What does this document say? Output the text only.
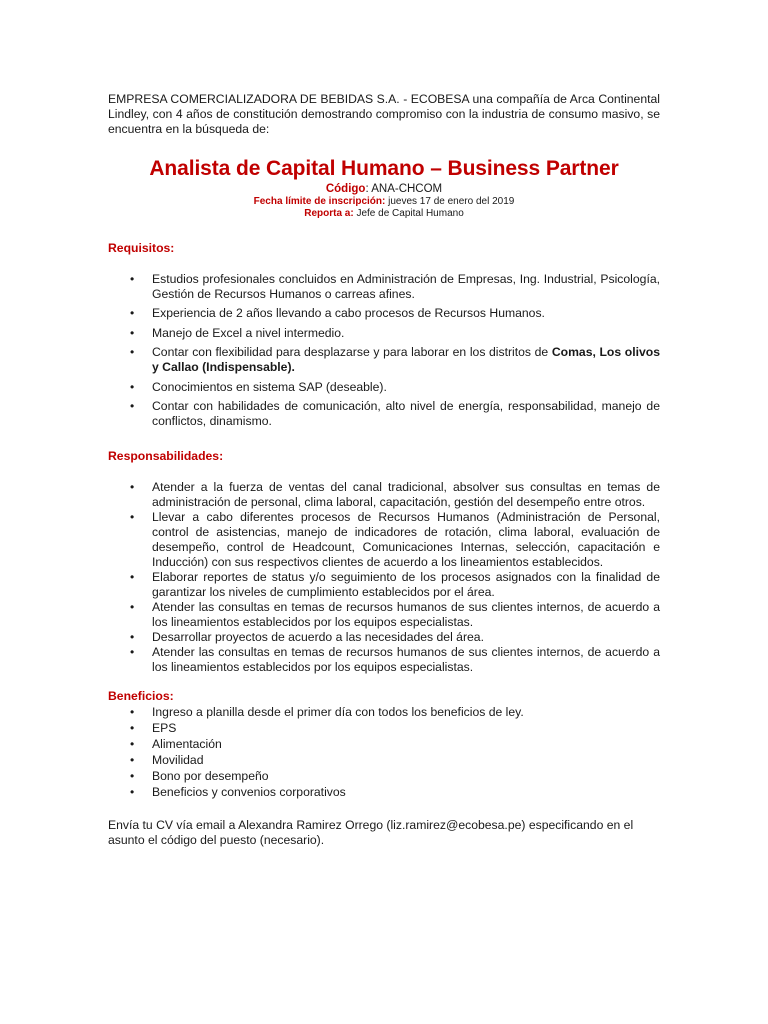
EMPRESA COMERCIALIZADORA DE BEBIDAS S.A. - ECOBESA una compañía de Arca Continental Lindley, con 4 años de constitución demostrando compromiso con la industria de consumo masivo, se encuentra en la búsqueda de:

Analista de Capital Humano – Business Partner
Código: ANA-CHCOM
Fecha límite de inscripción: jueves 17 de enero del 2019
Reporta a: Jefe de Capital Humano

Requisitos:

• Estudios profesionales concluidos en Administración de Empresas, Ing. Industrial, Psicología, Gestión de Recursos Humanos o carreas afines.
• Experiencia de 2 años llevando a cabo procesos de Recursos Humanos.
• Manejo de Excel a nivel intermedio.
• Contar con flexibilidad para desplazarse y para laborar en los distritos de Comas, Los olivos y Callao (Indispensable).
• Conocimientos en sistema SAP (deseable).
• Contar con habilidades de comunicación, alto nivel de energía, responsabilidad, manejo de conflictos, dinamismo.

Responsabilidades:

• Atender a la fuerza de ventas del canal tradicional, absolver sus consultas en temas de administración de personal, clima laboral, capacitación, gestión del desempeño entre otros.
• Llevar a cabo diferentes procesos de Recursos Humanos (Administración de Personal, control de asistencias, manejo de indicadores de rotación, clima laboral, evaluación de desempeño, control de Headcount, Comunicaciones Internas, selección, capacitación e Inducción) con sus respectivos clientes de acuerdo a los lineamientos establecidos.
• Elaborar reportes de status y/o seguimiento de los procesos asignados con la finalidad de garantizar los niveles de cumplimiento establecidos por el área.
• Atender las consultas en temas de recursos humanos de sus clientes internos, de acuerdo a los lineamientos establecidos por los equipos especialistas.
• Desarrollar proyectos de acuerdo a las necesidades del área.
• Atender las consultas en temas de recursos humanos de sus clientes internos, de acuerdo a los lineamientos establecidos por los equipos especialistas.

Beneficios:

• Ingreso a planilla desde el primer día con todos los beneficios de ley.
• EPS
• Alimentación
• Movilidad
• Bono por desempeño
• Beneficios y convenios corporativos

Envía tu CV vía email a Alexandra Ramirez Orrego (liz.ramirez@ecobesa.pe) especificando en el asunto el código del puesto (necesario).
